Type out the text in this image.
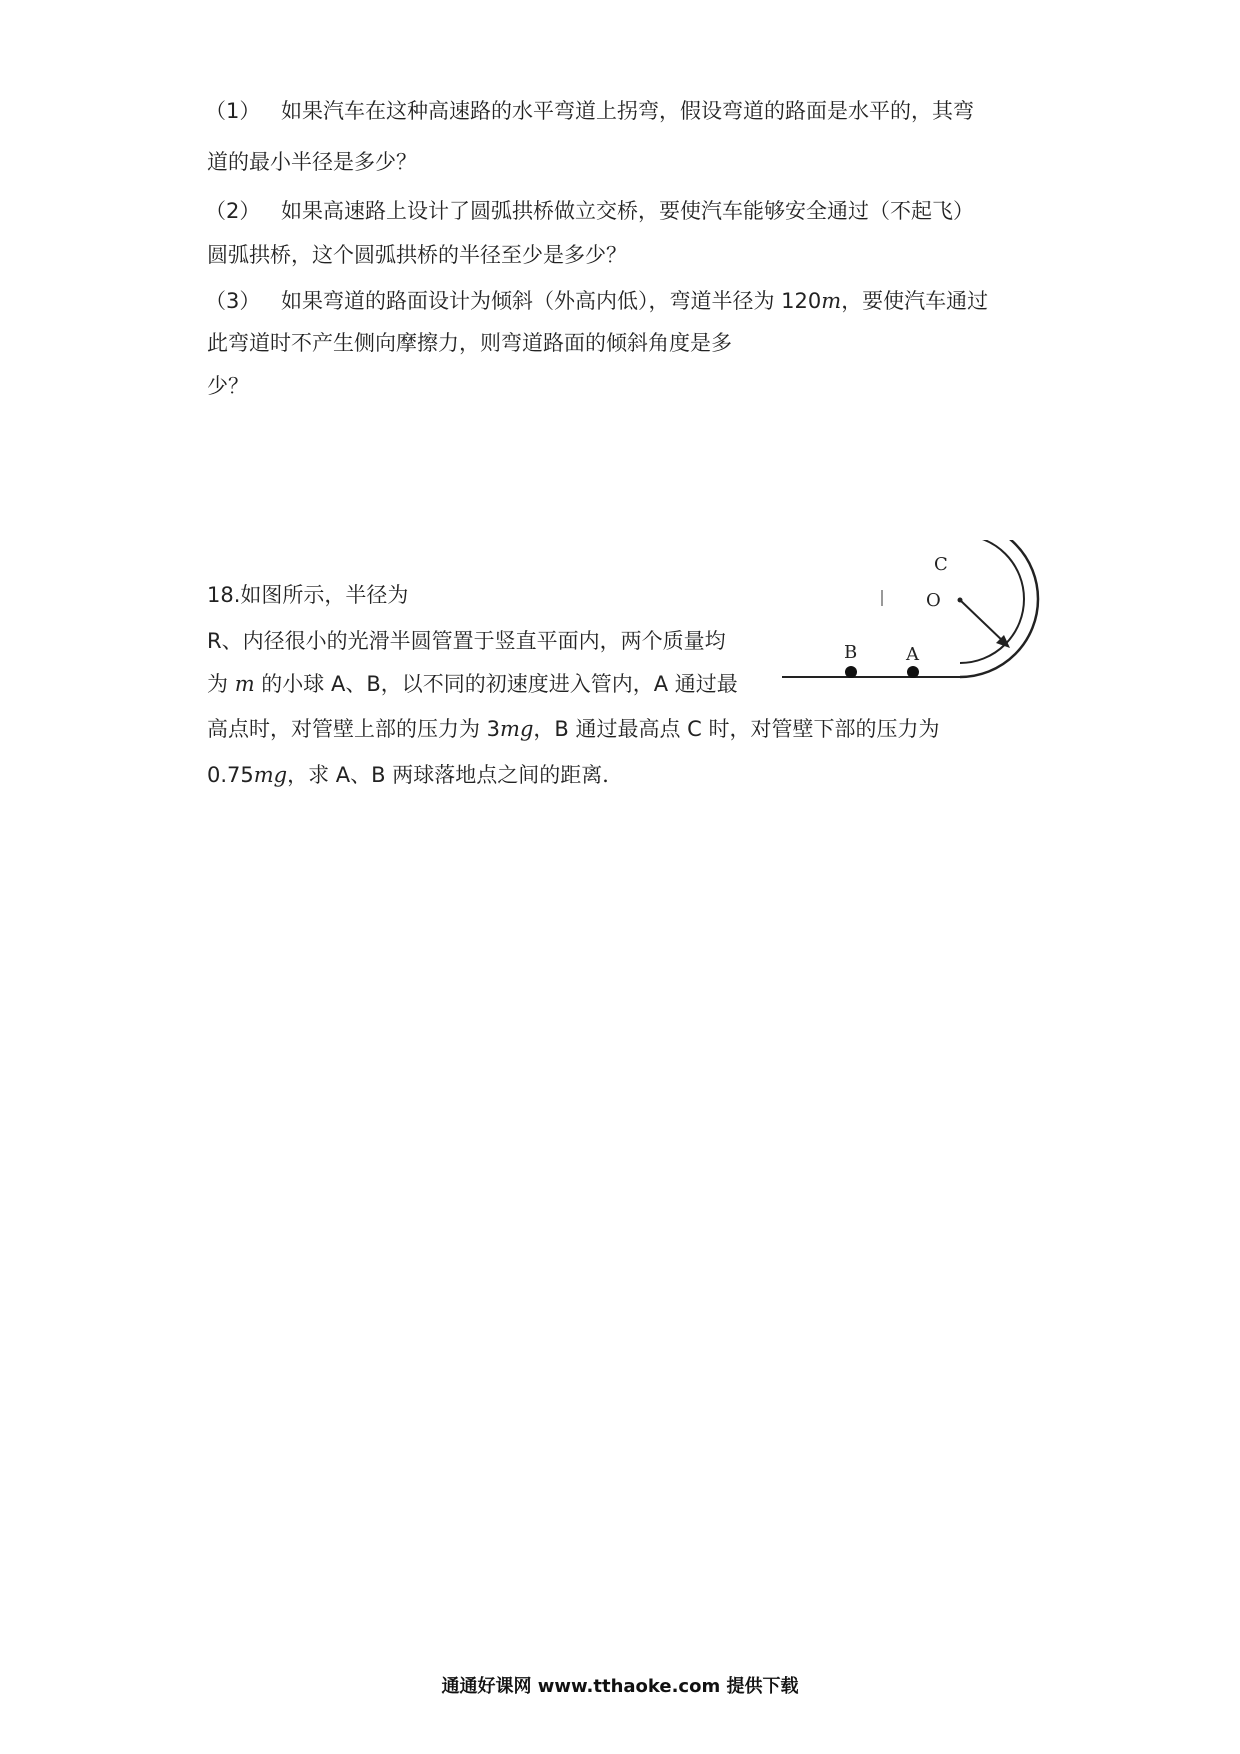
（1） 如果汽车在这种高速路的水平弯道上拐弯，假设弯道的路面是水平的，其弯
道的最小半径是多少？
（2） 如果高速路上设计了圆弧拱桥做立交桥，要使汽车能够安全通过（不起飞）
圆弧拱桥，这个圆弧拱桥的半径至少是多少？
（3） 如果弯道的路面设计为倾斜（外高内低），弯道半径为 120m，要使汽车通过
此弯道时不产生侧向摩擦力，则弯道路面的倾斜角度是多
少？
18.如图所示，半径为
R、内径很小的光滑半圆管置于竖直平面内，两个质量均
为 m 的小球 A、B，以不同的初速度进入管内，A 通过最
高点时，对管壁上部的压力为 3mg，B 通过最高点 C 时，对管壁下部的压力为
0.75mg，求 A、B 两球落地点之间的距离．
C
O
B	A
通通好课网 www.tthaoke.com 提供下载
